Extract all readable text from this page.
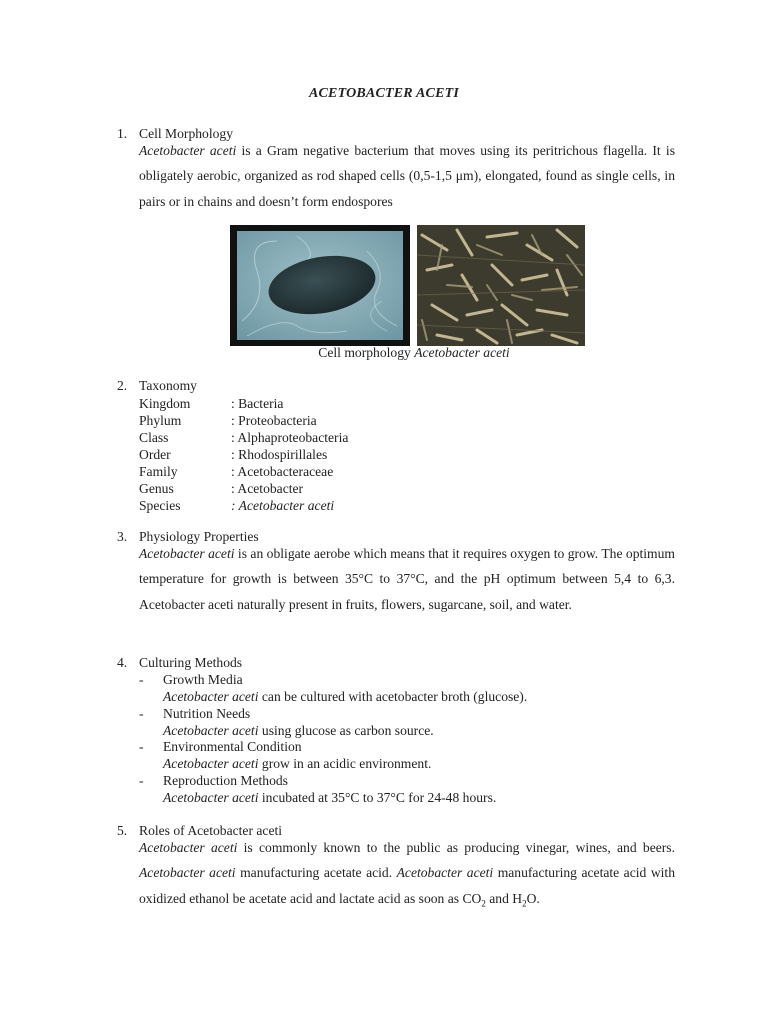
ACETOBACTER ACETI
1. Cell Morphology
Acetobacter aceti is a Gram negative bacterium that moves using its peritrichous flagella. It is obligately aerobic, organized as rod shaped cells (0,5-1,5 μm), elongated, found as single cells, in pairs or in chains and doesn’t form endospores
Cell morphology Acetobacter aceti
2. Taxonomy
Kingdom	: Bacteria
Phylum	: Proteobacteria
Class	: Alphaproteobacteria
Order	: Rhodospirillales
Family	: Acetobacteraceae
Genus	: Acetobacter
Species	: Acetobacter aceti
3. Physiology Properties
Acetobacter aceti is an obligate aerobe which means that it requires oxygen to grow. The optimum temperature for growth is between 35°C to 37°C, and the pH optimum between 5,4 to 6,3. Acetobacter aceti naturally present in fruits, flowers, sugarcane, soil, and water.
4. Culturing Methods
- Growth Media
Acetobacter aceti can be cultured with acetobacter broth (glucose).
- Nutrition Needs
Acetobacter aceti using glucose as carbon source.
- Environmental Condition
Acetobacter aceti grow in an acidic environment.
- Reproduction Methods
Acetobacter aceti incubated at 35°C to 37°C for 24-48 hours.
5. Roles of Acetobacter aceti
Acetobacter aceti is commonly known to the public as producing vinegar, wines, and beers. Acetobacter aceti manufacturing acetate acid. Acetobacter aceti manufacturing acetate acid with oxidized ethanol be acetate acid and lactate acid as soon as $CO_2$ and $H_2O$.
